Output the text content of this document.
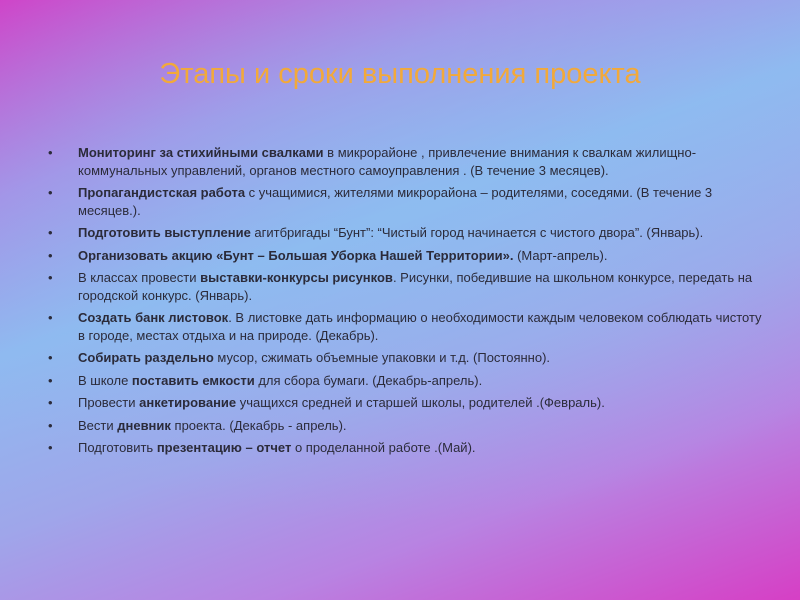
Этапы и сроки выполнения проекта
• Мониторинг за стихийными свалками в микрорайоне , привлечение внимания к свалкам жилищно-коммунальных управлений, органов местного самоуправления . (В течение 3 месяцев).
• Пропагандистская работа с учащимися, жителями микрорайона – родителями, соседями. (В течение 3 месяцев.).
• Подготовить выступление агитбригады “Бунт”: “Чистый город начинается с чистого двора”. (Январь).
• Организовать акцию «Бунт – Большая Уборка Нашей Территории». (Март-апрель).
• В классах провести выставки-конкурсы рисунков. Рисунки, победившие на школьном конкурсе, передать на городской конкурс. (Январь).
• Создать банк листовок. В листовке дать информацию о необходимости каждым человеком соблюдать чистоту в городе, местах отдыха и на природе. (Декабрь).
• Собирать раздельно мусор, сжимать объемные упаковки и т.д. (Постоянно).
• В школе поставить емкости для сбора бумаги. (Декабрь-апрель).
• Провести анкетирование учащихся средней и старшей школы, родителей .(Февраль).
• Вести дневник проекта. (Декабрь - апрель).
• Подготовить презентацию – отчет о проделанной работе .(Май).
